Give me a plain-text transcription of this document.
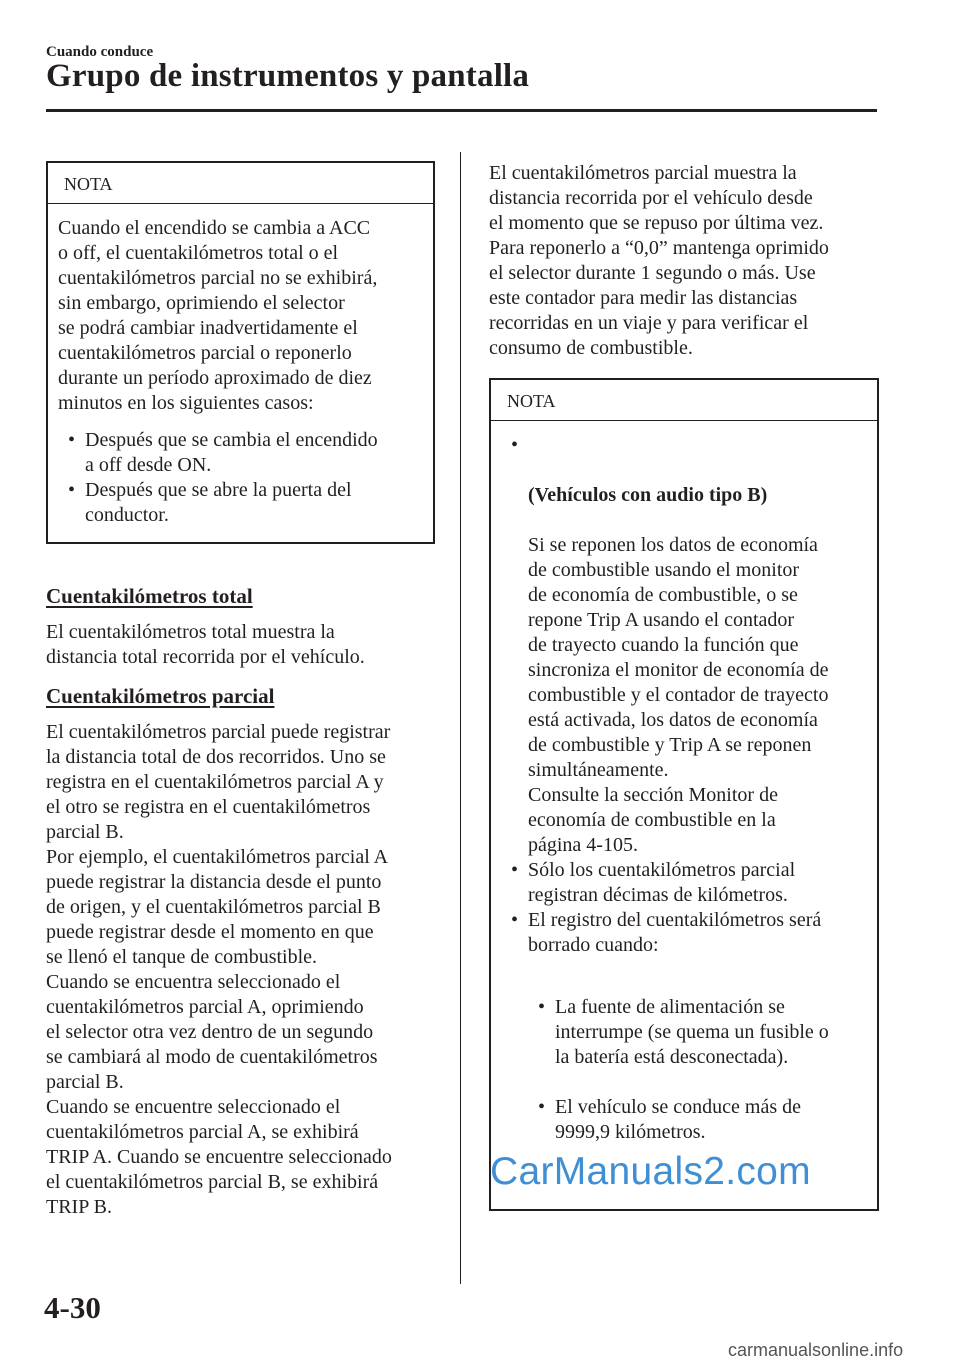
Cuando conduce
Grupo de instrumentos y pantalla
NOTA

Cuando el encendido se cambia a ACC
o off, el cuentakilómetros total o el
cuentakilómetros parcial no se exhibirá,
sin embargo, oprimiendo el selector
se podrá cambiar inadvertidamente el
cuentakilómetros parcial o reponerlo
durante un período aproximado de diez
minutos en los siguientes casos:

• Después que se cambia el encendido
a off desde ON.
• Después que se abre la puerta del
conductor.

Cuentakilómetros total

El cuentakilómetros total muestra la
distancia total recorrida por el vehículo.

Cuentakilómetros parcial

El cuentakilómetros parcial puede registrar
la distancia total de dos recorridos. Uno se
registra en el cuentakilómetros parcial A y
el otro se registra en el cuentakilómetros
parcial B.
Por ejemplo, el cuentakilómetros parcial A
puede registrar la distancia desde el punto
de origen, y el cuentakilómetros parcial B
puede registrar desde el momento en que
se llenó el tanque de combustible.
Cuando se encuentra seleccionado el
cuentakilómetros parcial A, oprimiendo
el selector otra vez dentro de un segundo
se cambiará al modo de cuentakilómetros
parcial B.
Cuando se encuentre seleccionado el
cuentakilómetros parcial A, se exhibirá
TRIP A. Cuando se encuentre seleccionado
el cuentakilómetros parcial B, se exhibirá
TRIP B.

El cuentakilómetros parcial muestra la
distancia recorrida por el vehículo desde
el momento que se repuso por última vez.
Para reponerlo a “0,0” mantenga oprimido
el selector durante 1 segundo o más. Use
este contador para medir las distancias
recorridas en un viaje y para verificar el
consumo de combustible.

NOTA

•

(Vehículos con audio tipo B)

Si se reponen los datos de economía
de combustible usando el monitor
de economía de combustible, o se
repone Trip A usando el contador
de trayecto cuando la función que
sincroniza el monitor de economía de
combustible y el contador de trayecto
está activada, los datos de economía
de combustible y Trip A se reponen
simultáneamente.
Consulte la sección Monitor de
economía de combustible en la
página 4-105.

• Sólo los cuentakilómetros parcial
registran décimas de kilómetros.
• El registro del cuentakilómetros será
borrado cuando:

• La fuente de alimentación se
interrumpe (se quema un fusible o
la batería está desconectada).

• El vehículo se conduce más de
9999,9 kilómetros.

CarManuals2.com
4-30
carmanualsonline.info
